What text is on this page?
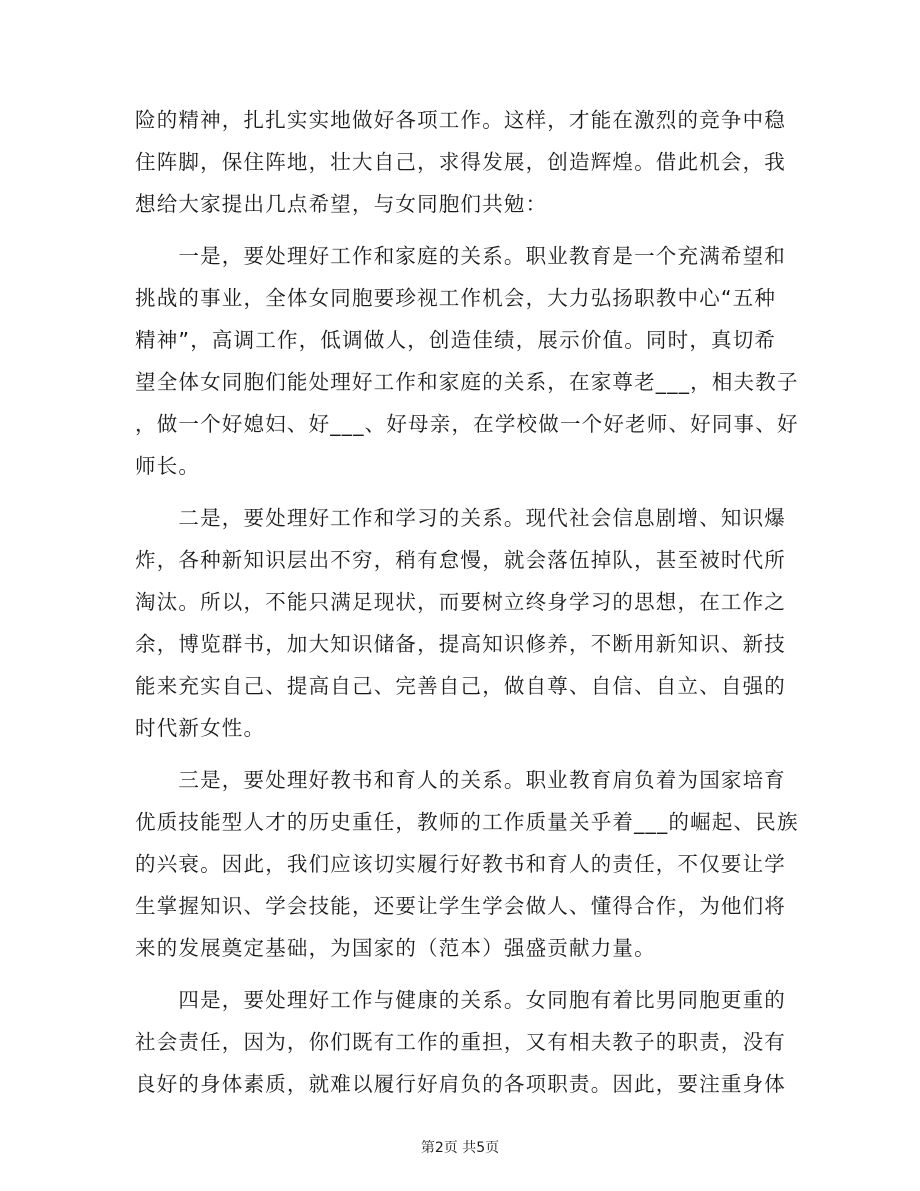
险的精神，扎扎实实地做好各项工作。这样，才能在激烈的竞争中稳
住阵脚，保住阵地，壮大自己，求得发展，创造辉煌。借此机会，我
想给大家提出几点希望，与女同胞们共勉：
　　一是，要处理好工作和家庭的关系。职业教育是一个充满希望和
挑战的事业，全体女同胞要珍视工作机会，大力弘扬职教中心“五种
精神”，高调工作，低调做人，创造佳绩，展示价值。同时，真切希
望全体女同胞们能处理好工作和家庭的关系，在家尊老___，相夫教子
，做一个好媳妇、好___、好母亲，在学校做一个好老师、好同事、好
师长。
　　二是，要处理好工作和学习的关系。现代社会信息剧增、知识爆
炸，各种新知识层出不穷，稍有怠慢，就会落伍掉队，甚至被时代所
淘汰。所以，不能只满足现状，而要树立终身学习的思想，在工作之
余，博览群书，加大知识储备，提高知识修养，不断用新知识、新技
能来充实自己、提高自己、完善自己，做自尊、自信、自立、自强的
时代新女性。
　　三是，要处理好教书和育人的关系。职业教育肩负着为国家培育
优质技能型人才的历史重任，教师的工作质量关乎着___的崛起、民族
的兴衰。因此，我们应该切实履行好教书和育人的责任，不仅要让学
生掌握知识、学会技能，还要让学生学会做人、懂得合作，为他们将
来的发展奠定基础，为国家的（范本）强盛贡献力量。
　　四是，要处理好工作与健康的关系。女同胞有着比男同胞更重的
社会责任，因为，你们既有工作的重担，又有相夫教子的职责，没有
良好的身体素质，就难以履行好肩负的各项职责。因此，要注重身体
第2页 共5页
